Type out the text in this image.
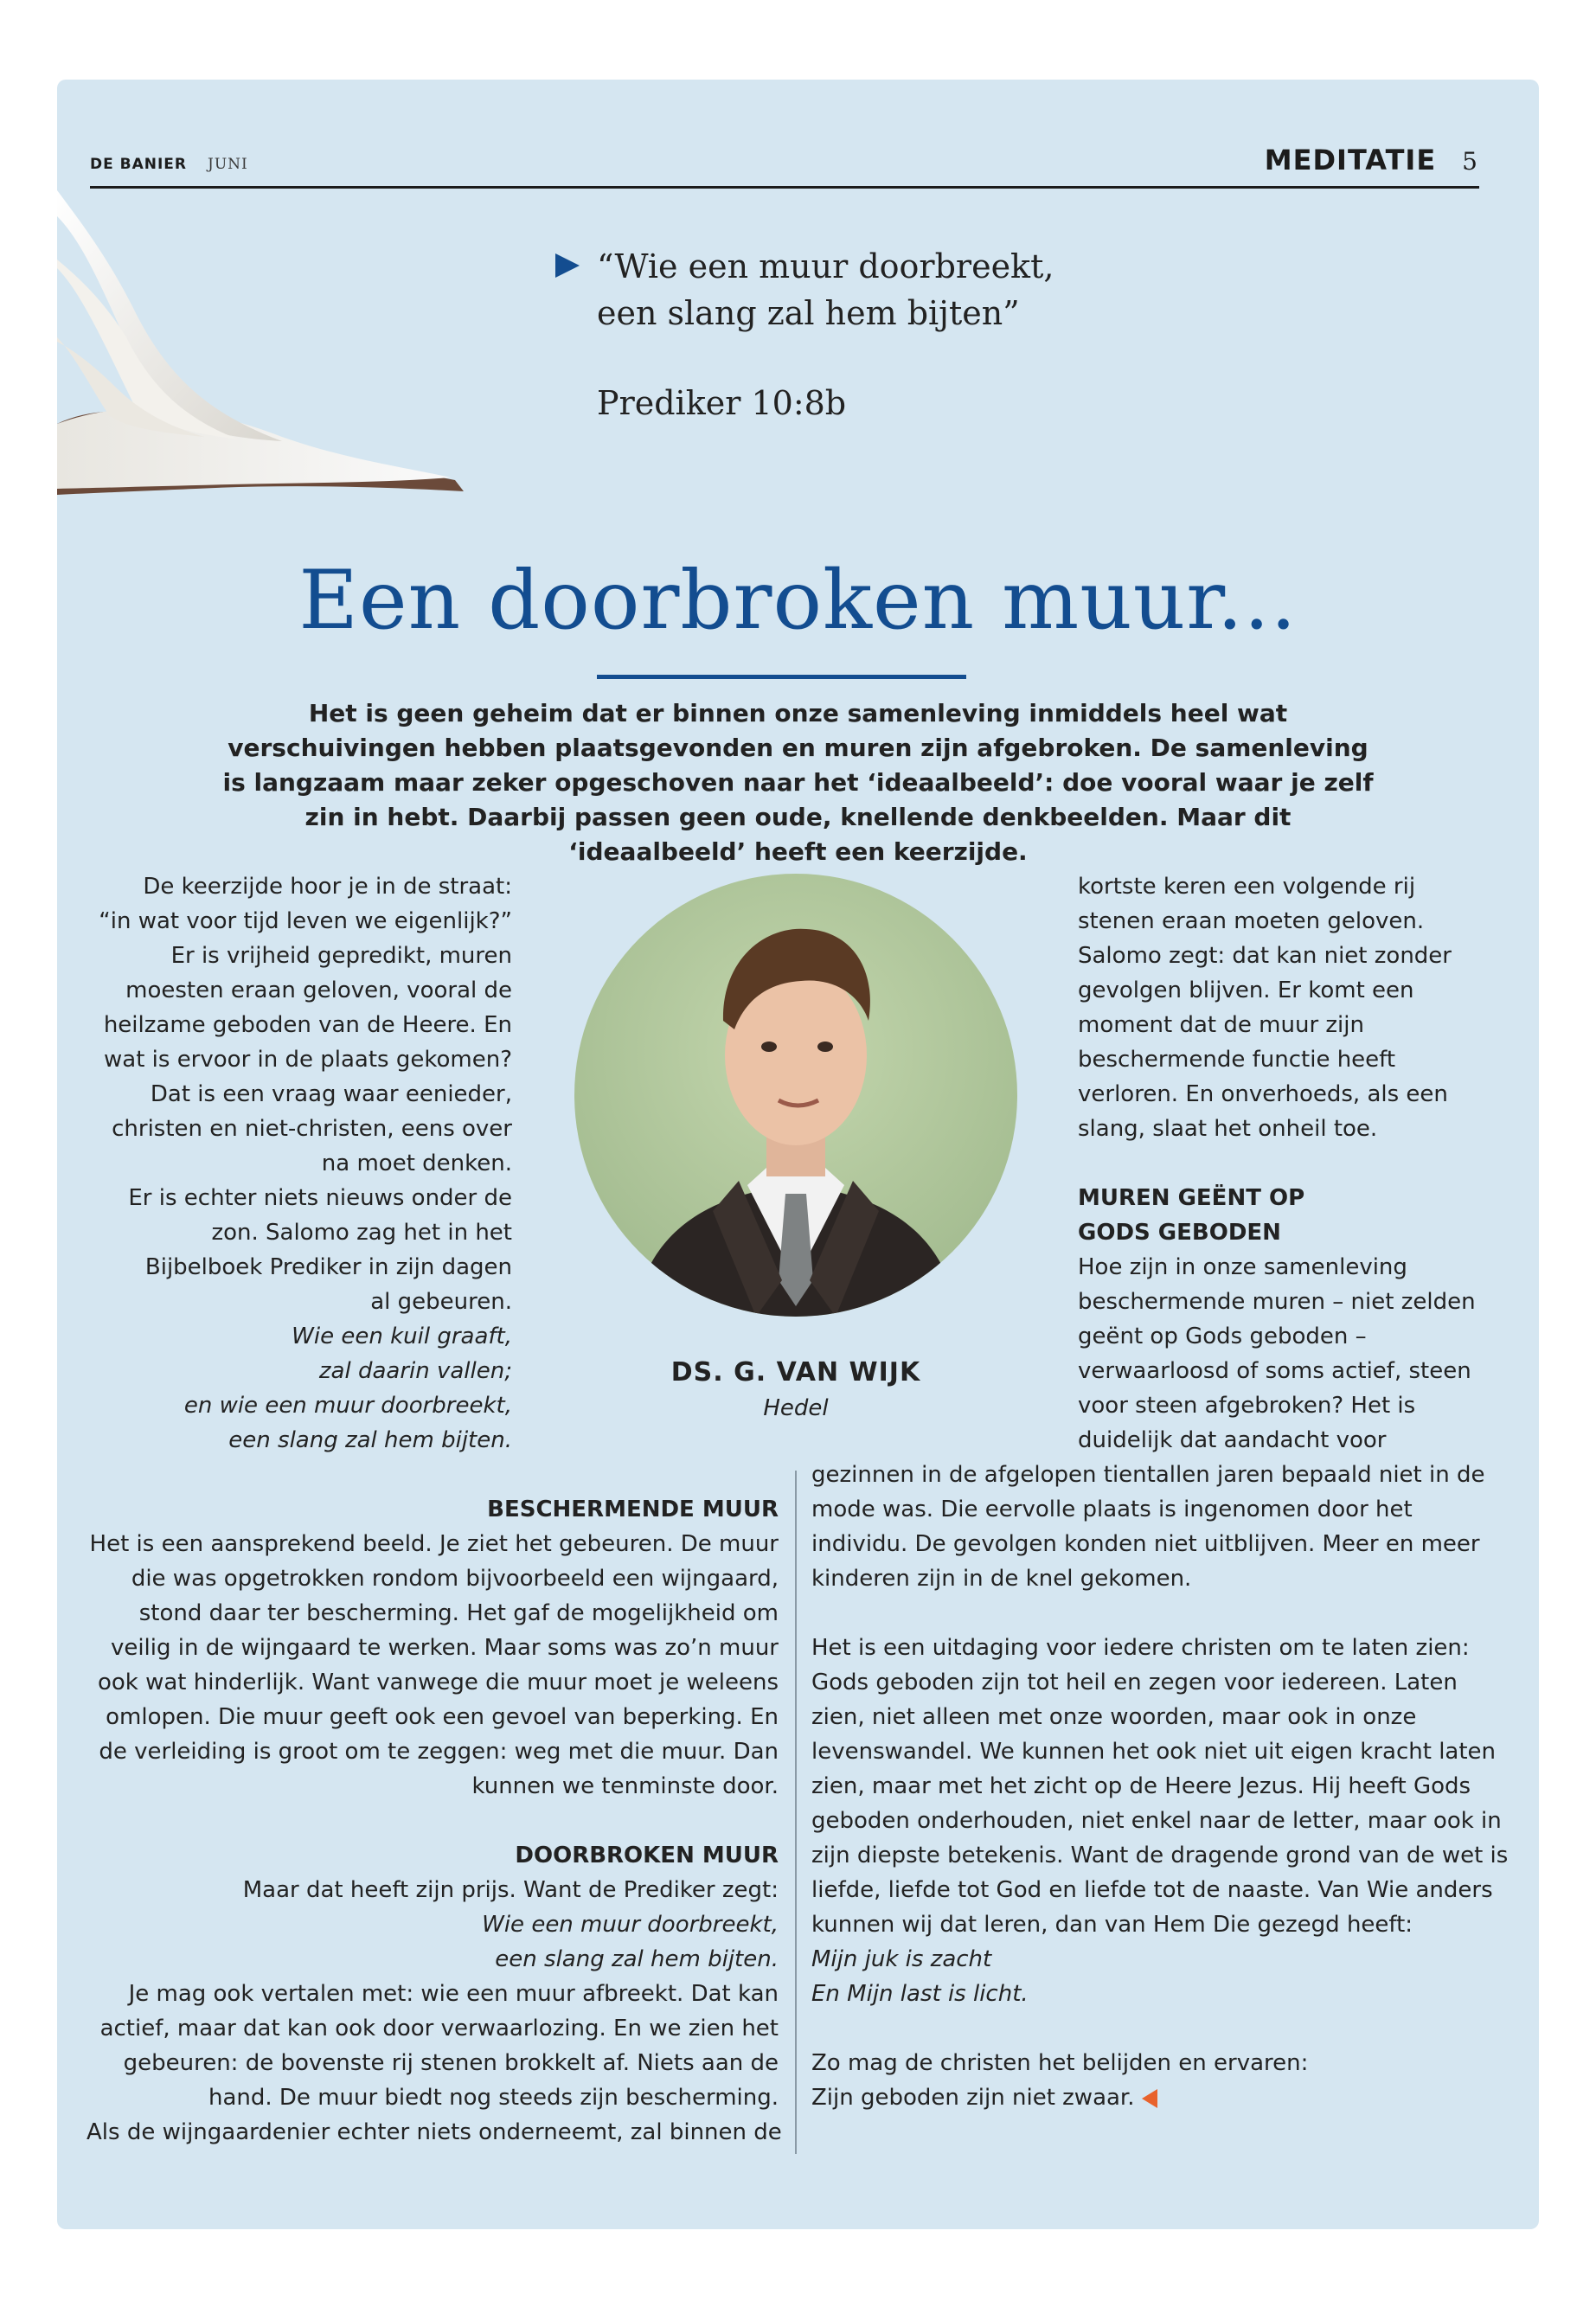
DE BANIER JUNI	MEDITATIE 5
“Wie een muur doorbreekt,
een slang zal hem bijten”
Prediker 10:8b
Een doorbroken muur...
Het is geen geheim dat er binnen onze samenleving inmiddels heel wat verschuivingen hebben plaatsgevonden en muren zijn afgebroken. De samenleving is langzaam maar zeker opgeschoven naar het ‘ideaalbeeld’: doe vooral waar je zelf zin in hebt. Daarbij passen geen oude, knellende denkbeelden. Maar dit ‘ideaalbeeld’ heeft een keerzijde.
De keerzijde hoor je in de straat:
“in wat voor tijd leven we eigenlijk?”
Er is vrijheid gepredikt, muren
moesten eraan geloven, vooral de
heilzame geboden van de Heere. En
wat is ervoor in de plaats gekomen?
Dat is een vraag waar eenieder,
christen en niet-christen, eens over
na moet denken.
Er is echter niets nieuws onder de
zon. Salomo zag het in het
Bijbelboek Prediker in zijn dagen
al gebeuren.
Wie een kuil graaft,
zal daarin vallen;
en wie een muur doorbreekt,
een slang zal hem bijten.
DS. G. VAN WIJK
Hedel
kortste keren een volgende rij
stenen eraan moeten geloven.
Salomo zegt: dat kan niet zonder
gevolgen blijven. Er komt een
moment dat de muur zijn
beschermende functie heeft
verloren. En onverhoeds, als een
slang, slaat het onheil toe.
MUREN GEËNT OP
GODS GEBODEN
Hoe zijn in onze samenleving
beschermende muren – niet zelden
geënt op Gods geboden –
verwaarloosd of soms actief, steen
voor steen afgebroken? Het is
duidelijk dat aandacht voor
BESCHERMENDE MUUR
Het is een aansprekend beeld. Je ziet het gebeuren. De muur
die was opgetrokken rondom bijvoorbeeld een wijngaard,
stond daar ter bescherming. Het gaf de mogelijkheid om
veilig in de wijngaard te werken. Maar soms was zo’n muur
ook wat hinderlijk. Want vanwege die muur moet je weleens
omlopen. Die muur geeft ook een gevoel van beperking. En
de verleiding is groot om te zeggen: weg met die muur. Dan
kunnen we tenminste door.
DOORBROKEN MUUR
Maar dat heeft zijn prijs. Want de Prediker zegt:
Wie een muur doorbreekt,
een slang zal hem bijten.
Je mag ook vertalen met: wie een muur afbreekt. Dat kan
actief, maar dat kan ook door verwaarlozing. En we zien het
gebeuren: de bovenste rij stenen brokkelt af. Niets aan de
hand. De muur biedt nog steeds zijn bescherming.
Als de wijngaardenier echter niets onderneemt, zal binnen de
gezinnen in de afgelopen tientallen jaren bepaald niet in de
mode was. Die eervolle plaats is ingenomen door het
individu. De gevolgen konden niet uitblijven. Meer en meer
kinderen zijn in de knel gekomen.
Het is een uitdaging voor iedere christen om te laten zien:
Gods geboden zijn tot heil en zegen voor iedereen. Laten
zien, niet alleen met onze woorden, maar ook in onze
levenswandel. We kunnen het ook niet uit eigen kracht laten
zien, maar met het zicht op de Heere Jezus. Hij heeft Gods
geboden onderhouden, niet enkel naar de letter, maar ook in
zijn diepste betekenis. Want de dragende grond van de wet is
liefde, liefde tot God en liefde tot de naaste. Van Wie anders
kunnen wij dat leren, dan van Hem Die gezegd heeft:
Mijn juk is zacht
En Mijn last is licht.
Zo mag de christen het belijden en ervaren:
Zijn geboden zijn niet zwaar.
